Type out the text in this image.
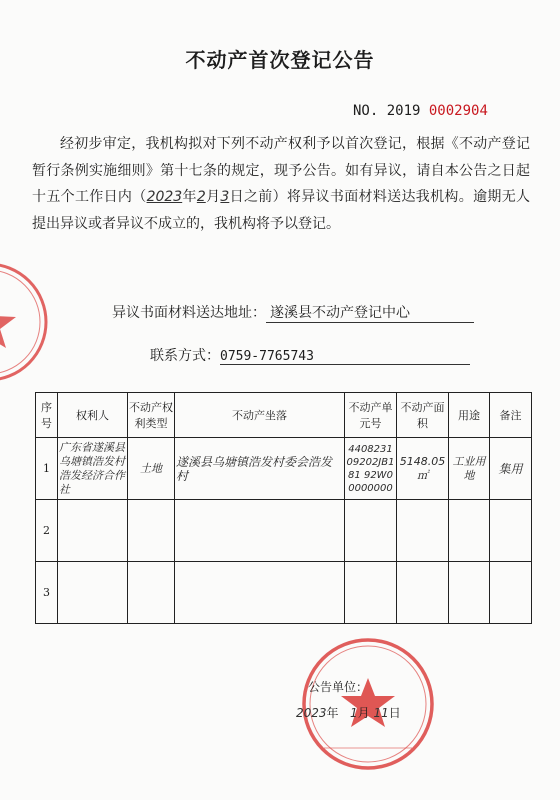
不动产首次登记公告
NO. 2019 0002904
经初步审定，我机构拟对下列不动产权利予以首次登记，根据《不动产登记暂行条例实施细则》第十七条的规定，现予公告。如有异议，请自本公告之日起十五个工作日内（2023年2月3日之前）将异议书面材料送达我机构。逾期无人提出异议或者异议不成立的，我机构将予以登记。
异议书面材料送达地址： 遂溪县不动产登记中心
联系方式：0759-7765743
序号	权利人	不动产权利类型	不动产坐落	不动产单元号	不动产面　积	用途	备注
1	广东省遂溪县乌塘镇浩发村浩发经济合作社	土地	遂溪县乌塘镇浩发村委会浩发村	440823109202JB181 92W00000000	5148.05㎡	工业用地	集用
2							
3							
公告单位：
2023年 1月 11日
